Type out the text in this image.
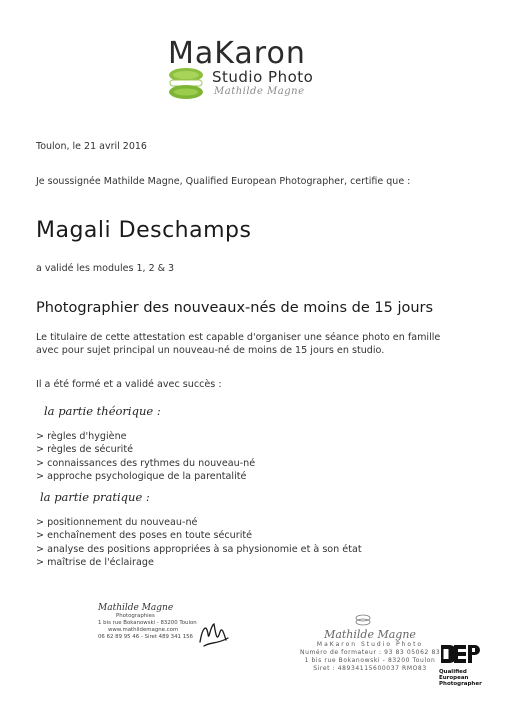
MaKaron
Studio Photo
Mathilde Magne
Toulon, le 21 avril 2016
Je soussignée Mathilde Magne, Qualified European Photographer, certifie que :
Magali Deschamps
a validé les modules 1, 2 & 3
Photographier des nouveaux-nés de moins de 15 jours
Le titulaire de cette attestation est capable d'organiser une séance photo en famille
avec pour sujet principal un nouveau-né de moins de 15 jours en studio.
Il a été formé et a validé avec succès :
la partie théorique :
> règles d'hygiène
> règles de sécurité
> connaissances des rythmes du nouveau-né
> approche psychologique de la parentalité
la partie pratique :
> positionnement du nouveau-né
> enchaînement des poses en toute sécurité
> analyse des positions appropriées à sa physionomie et à son état
> maîtrise de l'éclairage
Mathilde Magne
Photographies
1 bis rue Bokanowski - 83200 Toulon
www.mathildemagne.com
06 62 89 95 46 - Siret 489 341 156	Mathilde Magne
MaKaron Studio Photo
Numéro de formateur : 93 83 05062 83
1 bis rue Bokanowski - 83200 Toulon
Siret : 48934115600037 RMO83	Qualified
European
Photographer
